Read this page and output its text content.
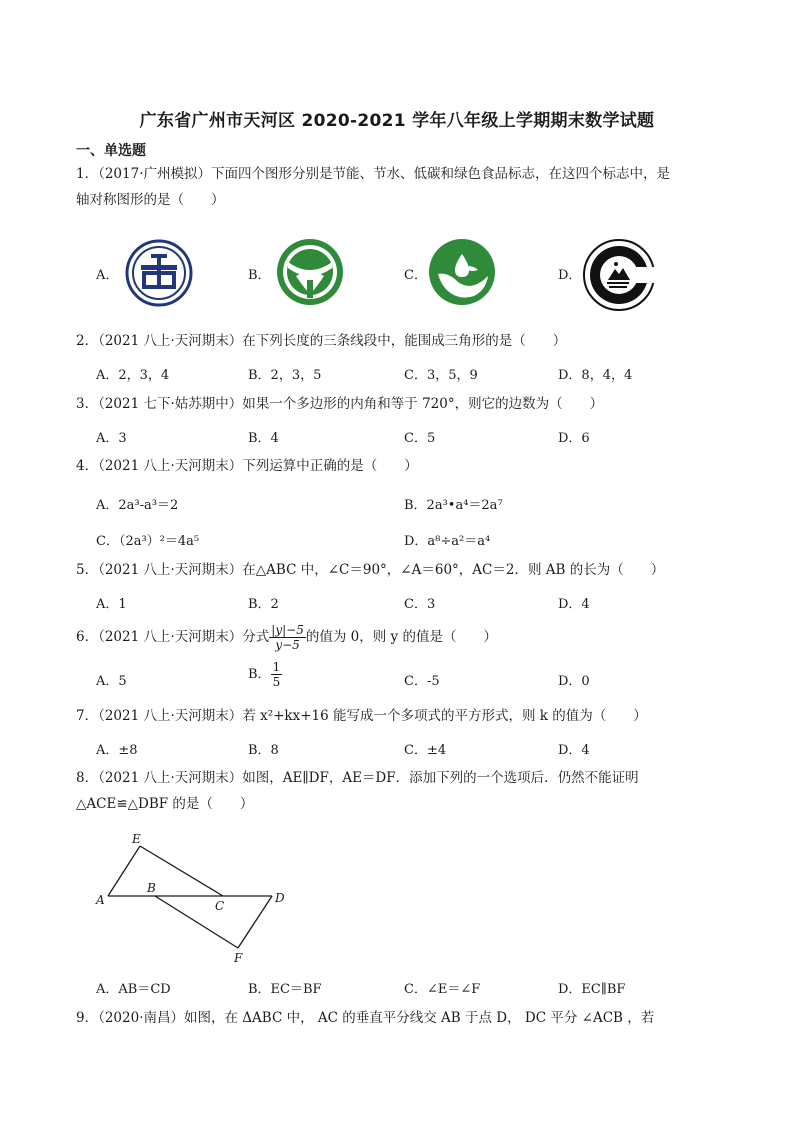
广东省广州市天河区 2020-2021 学年八年级上学期期末数学试题
一、单选题
1．（2017·广州模拟）下面四个图形分别是节能、节水、低碳和绿色食品标志，在这四个标志中，是
轴对称图形的是（　　）
A．	B．	C．	D．
2．（2021 八上·天河期末）在下列长度的三条线段中，能围成三角形的是（　　）
A．2，3，4	B．2，3，5	C．3，5，9	D．8，4，4
3．（2021 七下·姑苏期中）如果一个多边形的内角和等于 720°，则它的边数为（　　）
A．3	B．4	C．5	D．6
4．（2021 八上·天河期末）下列运算中正确的是（　　）
A．2a³-a³＝2	B．2a³•a⁴＝2a⁷
C．（2a³）²＝4a⁵	D．a⁸÷a²＝a⁴
5．（2021 八上·天河期末）在△ABC 中，∠C＝90°，∠A＝60°，AC＝2．则 AB 的长为（　　）
A．1	B．2	C．3	D．4
6．（2021 八上·天河期末）分式 $\frac{|y|-5}{y-5}$ 的值为 0，则 y 的值是（　　）
A．5	B． $\frac{1}{5}$	C．-5	D．0
7．（2021 八上·天河期末）若 x²+kx+16 能写成一个多项式的平方形式，则 k 的值为（　　）
A．±8	B．8	C．±4	D．4
8．（2021 八上·天河期末）如图，AE∥DF，AE＝DF．添加下列的一个选项后．仍然不能证明
△ACE≌△DBF 的是（　　）
E
B
A	C
D
F
A．AB＝CD	B．EC＝BF	C．∠E＝∠F	D．EC∥BF
9．（2020·南昌）如图，在 ΔABC 中， AC 的垂直平分线交 AB 于点 D， DC 平分 ∠ACB ，若
